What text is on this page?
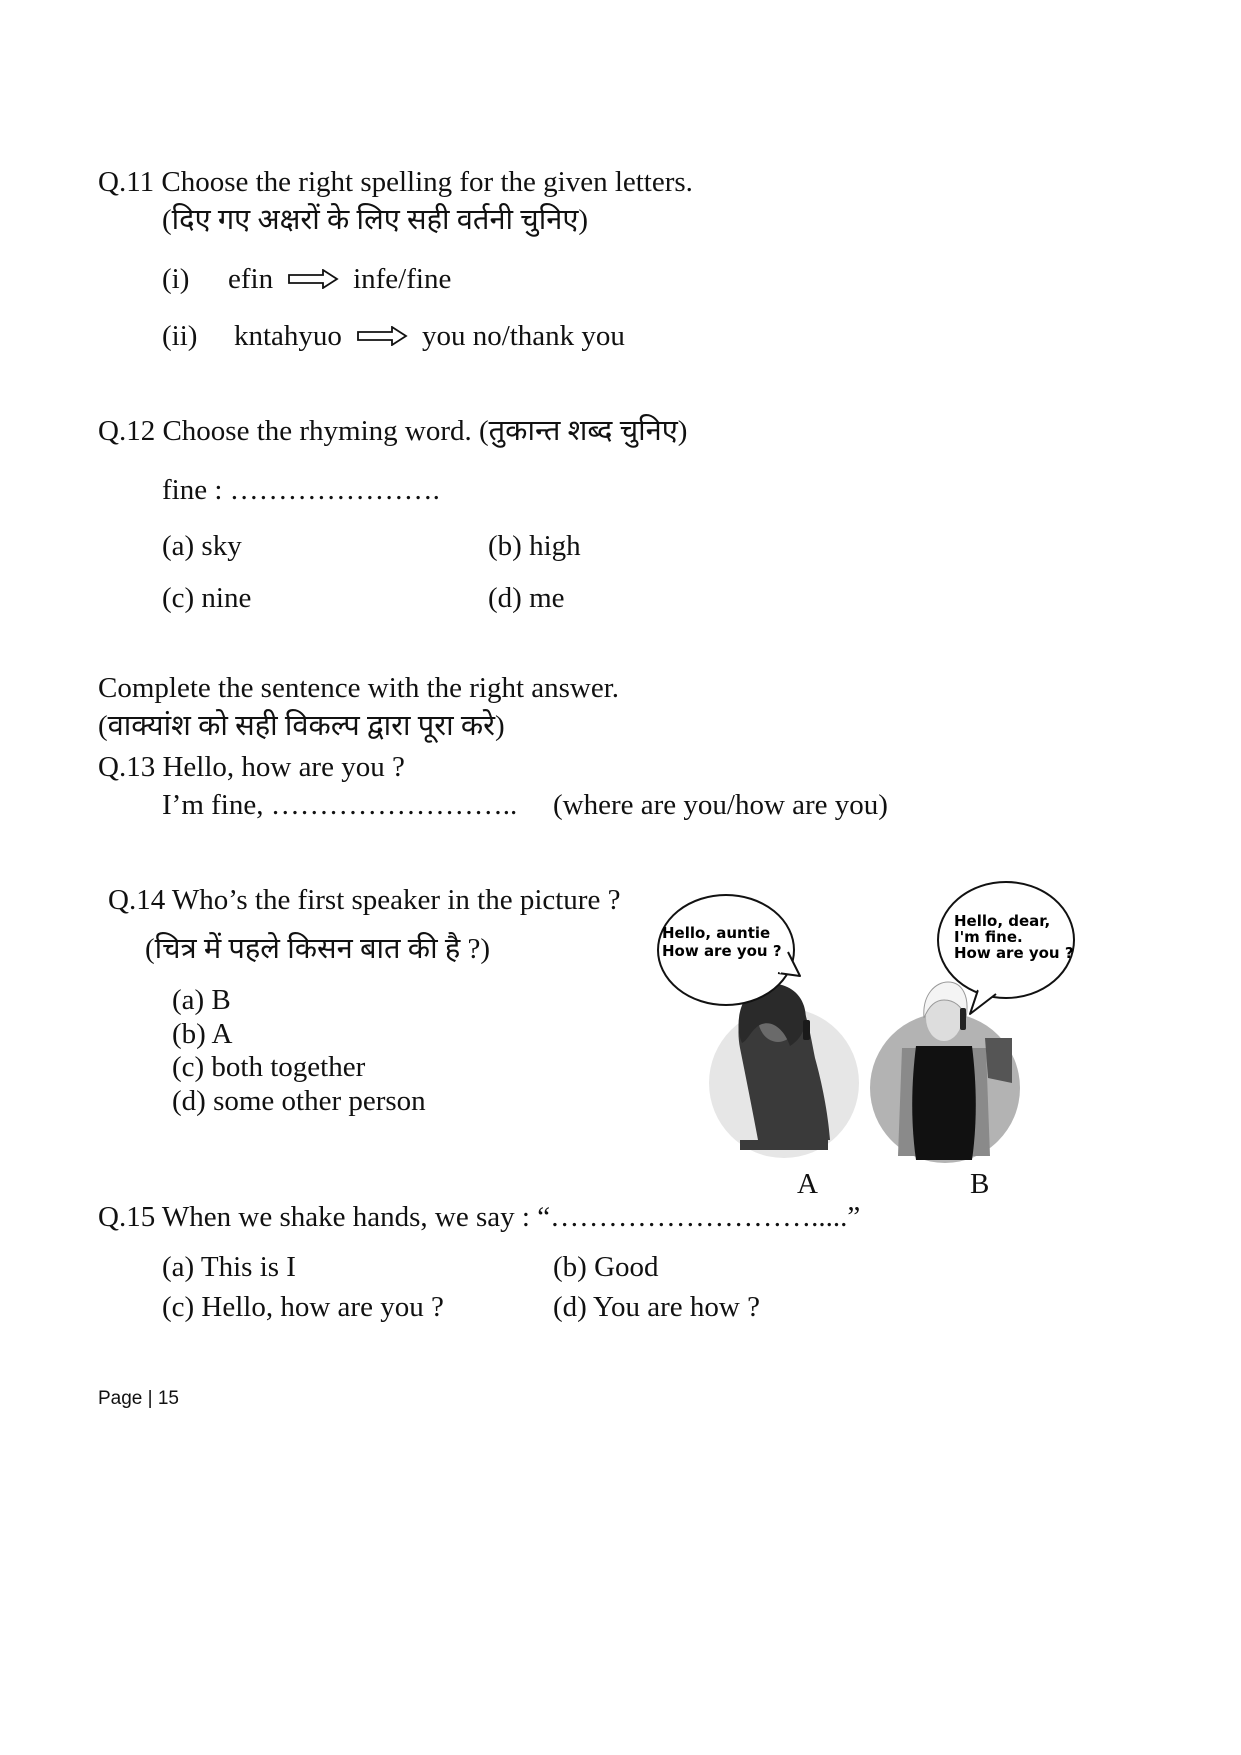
Q.11 Choose the right spelling for the given letters.
(दिए गए अक्षरों के लिए सही वर्तनी चुनिए)
(i) efin	infe/fine
(ii) kntahyuo	you no/thank you
Q.12 Choose the rhyming word. (तुकान्त शब्द चुनिए)
fine : ………………….
(a) sky	(b) high
(c) nine	(d) me
Complete the sentence with the right answer.
(वाक्यांश को सही विकल्प द्वारा पूरा करे)
Q.13 Hello, how are you ?
I’m fine, …………………….. (where are you/how are you)
Q.14 Who’s the first speaker in the picture ?
(चित्र में पहले किसन बात की है ?)
(a) B
(b) A
(c) both together
(d) some other person
Hello, auntie
How are you ?
Hello, dear,
I'm fine.
How are you ?
A	B
Q.15 When we shake hands, we say : “……………………….....”
(a) This is I	(b) Good
(c) Hello, how are you ?	(d) You are how ?
Page | 15
